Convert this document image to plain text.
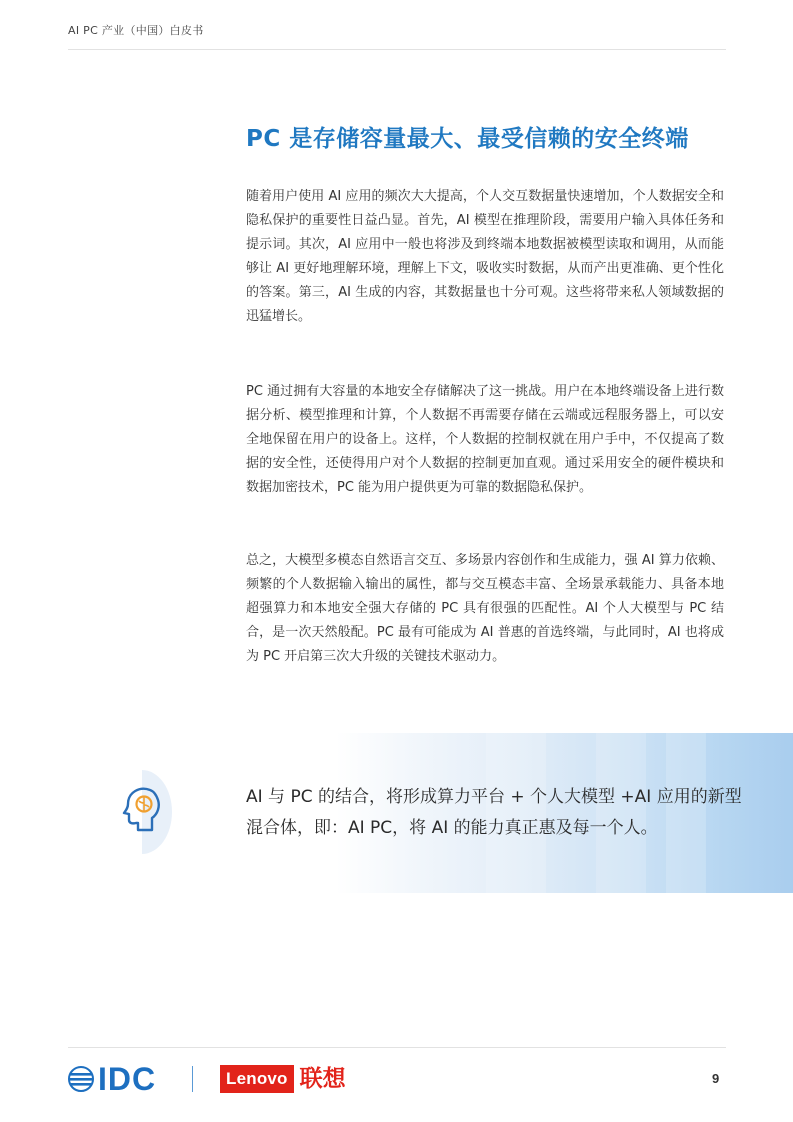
AI PC 产业（中国）白皮书
PC 是存储容量最大、最受信赖的安全终端

随着用户使用 AI 应用的频次大大提高，个人交互数据量快速增加，个人数据安全和隐私保护的重要性日益凸显。首先，AI 模型在推理阶段，需要用户输入具体任务和提示词。其次，AI 应用中一般也将涉及到终端本地数据被模型读取和调用，从而能够让 AI 更好地理解环境，理解上下文，吸收实时数据，从而产出更准确、更个性化的答案。第三，AI 生成的内容，其数据量也十分可观。这些将带来私人领域数据的迅猛增长。

PC 通过拥有大容量的本地安全存储解决了这一挑战。用户在本地终端设备上进行数据分析、模型推理和计算，个人数据不再需要存储在云端或远程服务器上，可以安全地保留在用户的设备上。这样，个人数据的控制权就在用户手中，不仅提高了数据的安全性，还使得用户对个人数据的控制更加直观。通过采用安全的硬件模块和数据加密技术，PC 能为用户提供更为可靠的数据隐私保护。

总之，大模型多模态自然语言交互、多场景内容创作和生成能力，强 AI 算力依赖、频繁的个人数据输入输出的属性，都与交互模态丰富、全场景承载能力、具备本地超强算力和本地安全强大存储的 PC 具有很强的匹配性。AI 个人大模型与 PC 结合，是一次天然般配。PC 最有可能成为 AI 普惠的首选终端，与此同时，AI 也将成为 PC 开启第三次大升级的关键技术驱动力。

AI 与 PC 的结合，将形成算力平台 + 个人大模型 +AI 应用的新型混合体，即：AI PC，将 AI 的能力真正惠及每一个人。

IDC	Lenovo 联想	9
